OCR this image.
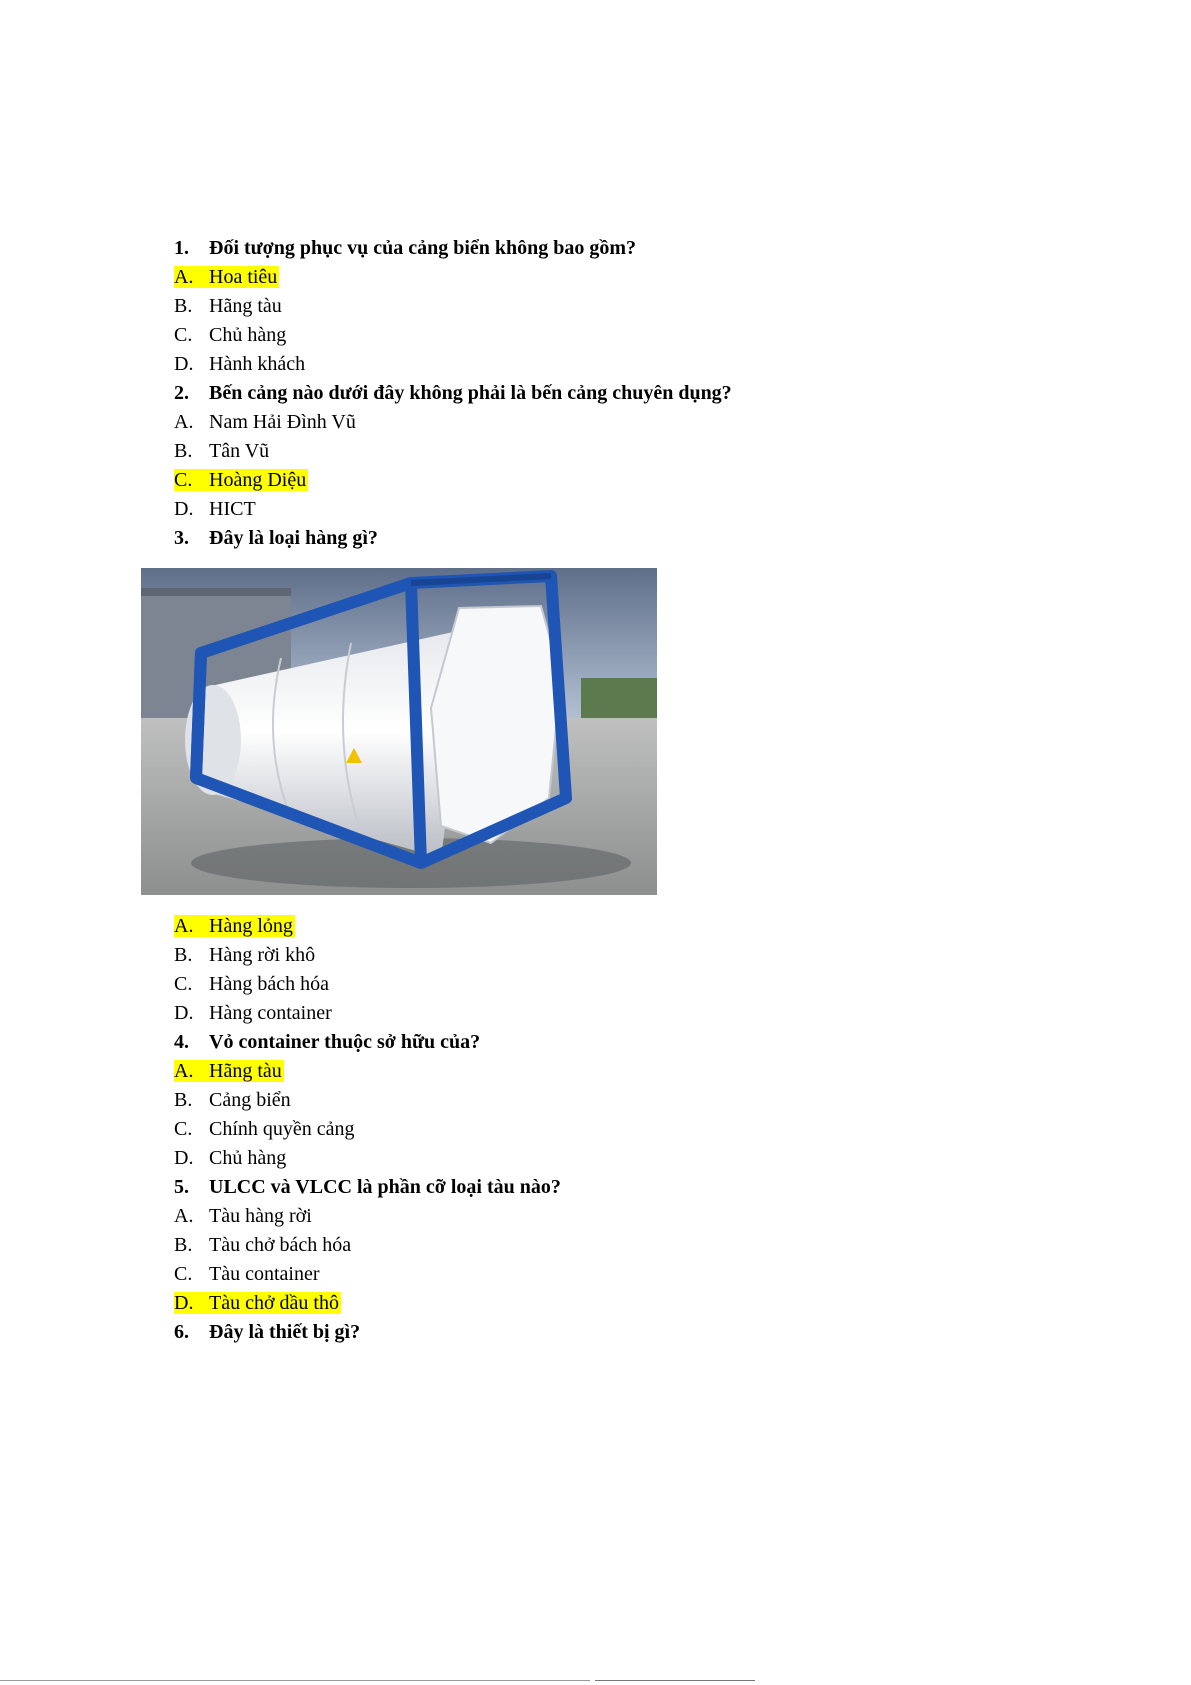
1. Đối tượng phục vụ của cảng biển không bao gồm?
A. Hoa tiêu
B. Hãng tàu
C. Chủ hàng
D. Hành khách
2. Bến cảng nào dưới đây không phải là bến cảng chuyên dụng?
A. Nam Hải Đình Vũ
B. Tân Vũ
C. Hoàng Diệu
D. HICT
3. Đây là loại hàng gì?
A. Hàng lỏng
B. Hàng rời khô
C. Hàng bách hóa
D. Hàng container
4. Vỏ container thuộc sở hữu của?
A. Hãng tàu
B. Cảng biển
C. Chính quyền cảng
D. Chủ hàng
5. ULCC và VLCC là phần cỡ loại tàu nào?
A. Tàu hàng rời
B. Tàu chở bách hóa
C. Tàu container
D. Tàu chở dầu thô
6. Đây là thiết bị gì?
